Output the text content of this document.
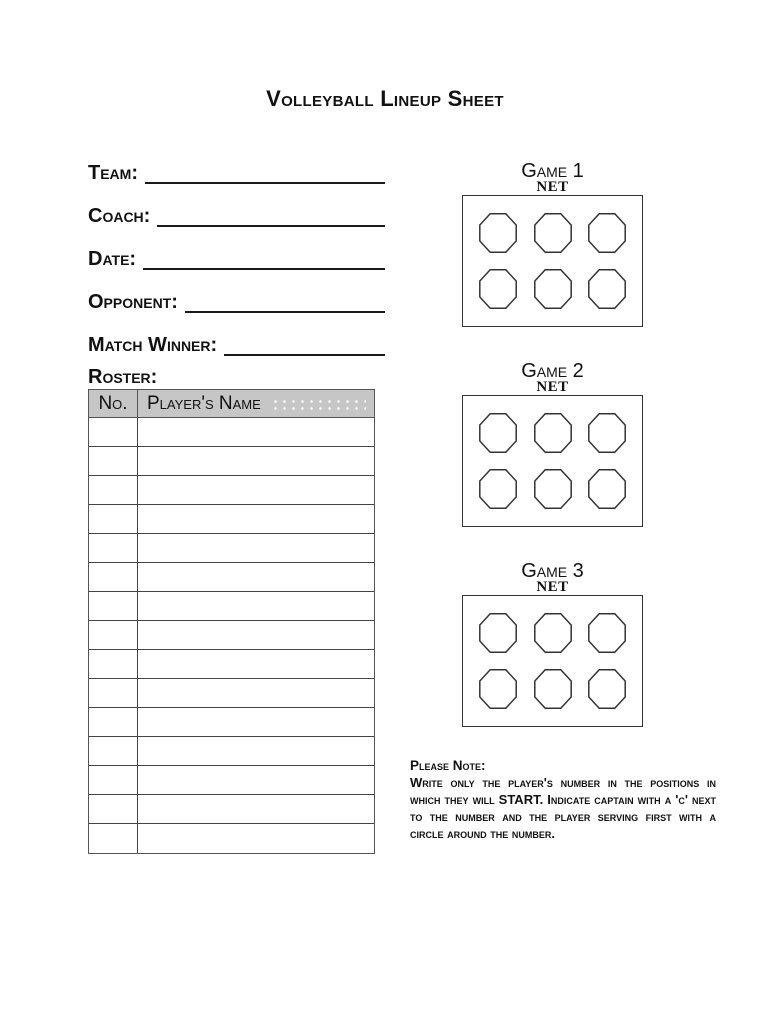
Volleyball Lineup Sheet
Team:
Coach:
Date:
Opponent:
Match Winner:
Roster:
No.	Player's Name
Game 1
NET
Game 2
NET
Game 3
NET
Please Note:

Write only the player's number in the positions in which they will START. Indicate captain with a 'c' next to the number and the player serving first with a circle around the number.
